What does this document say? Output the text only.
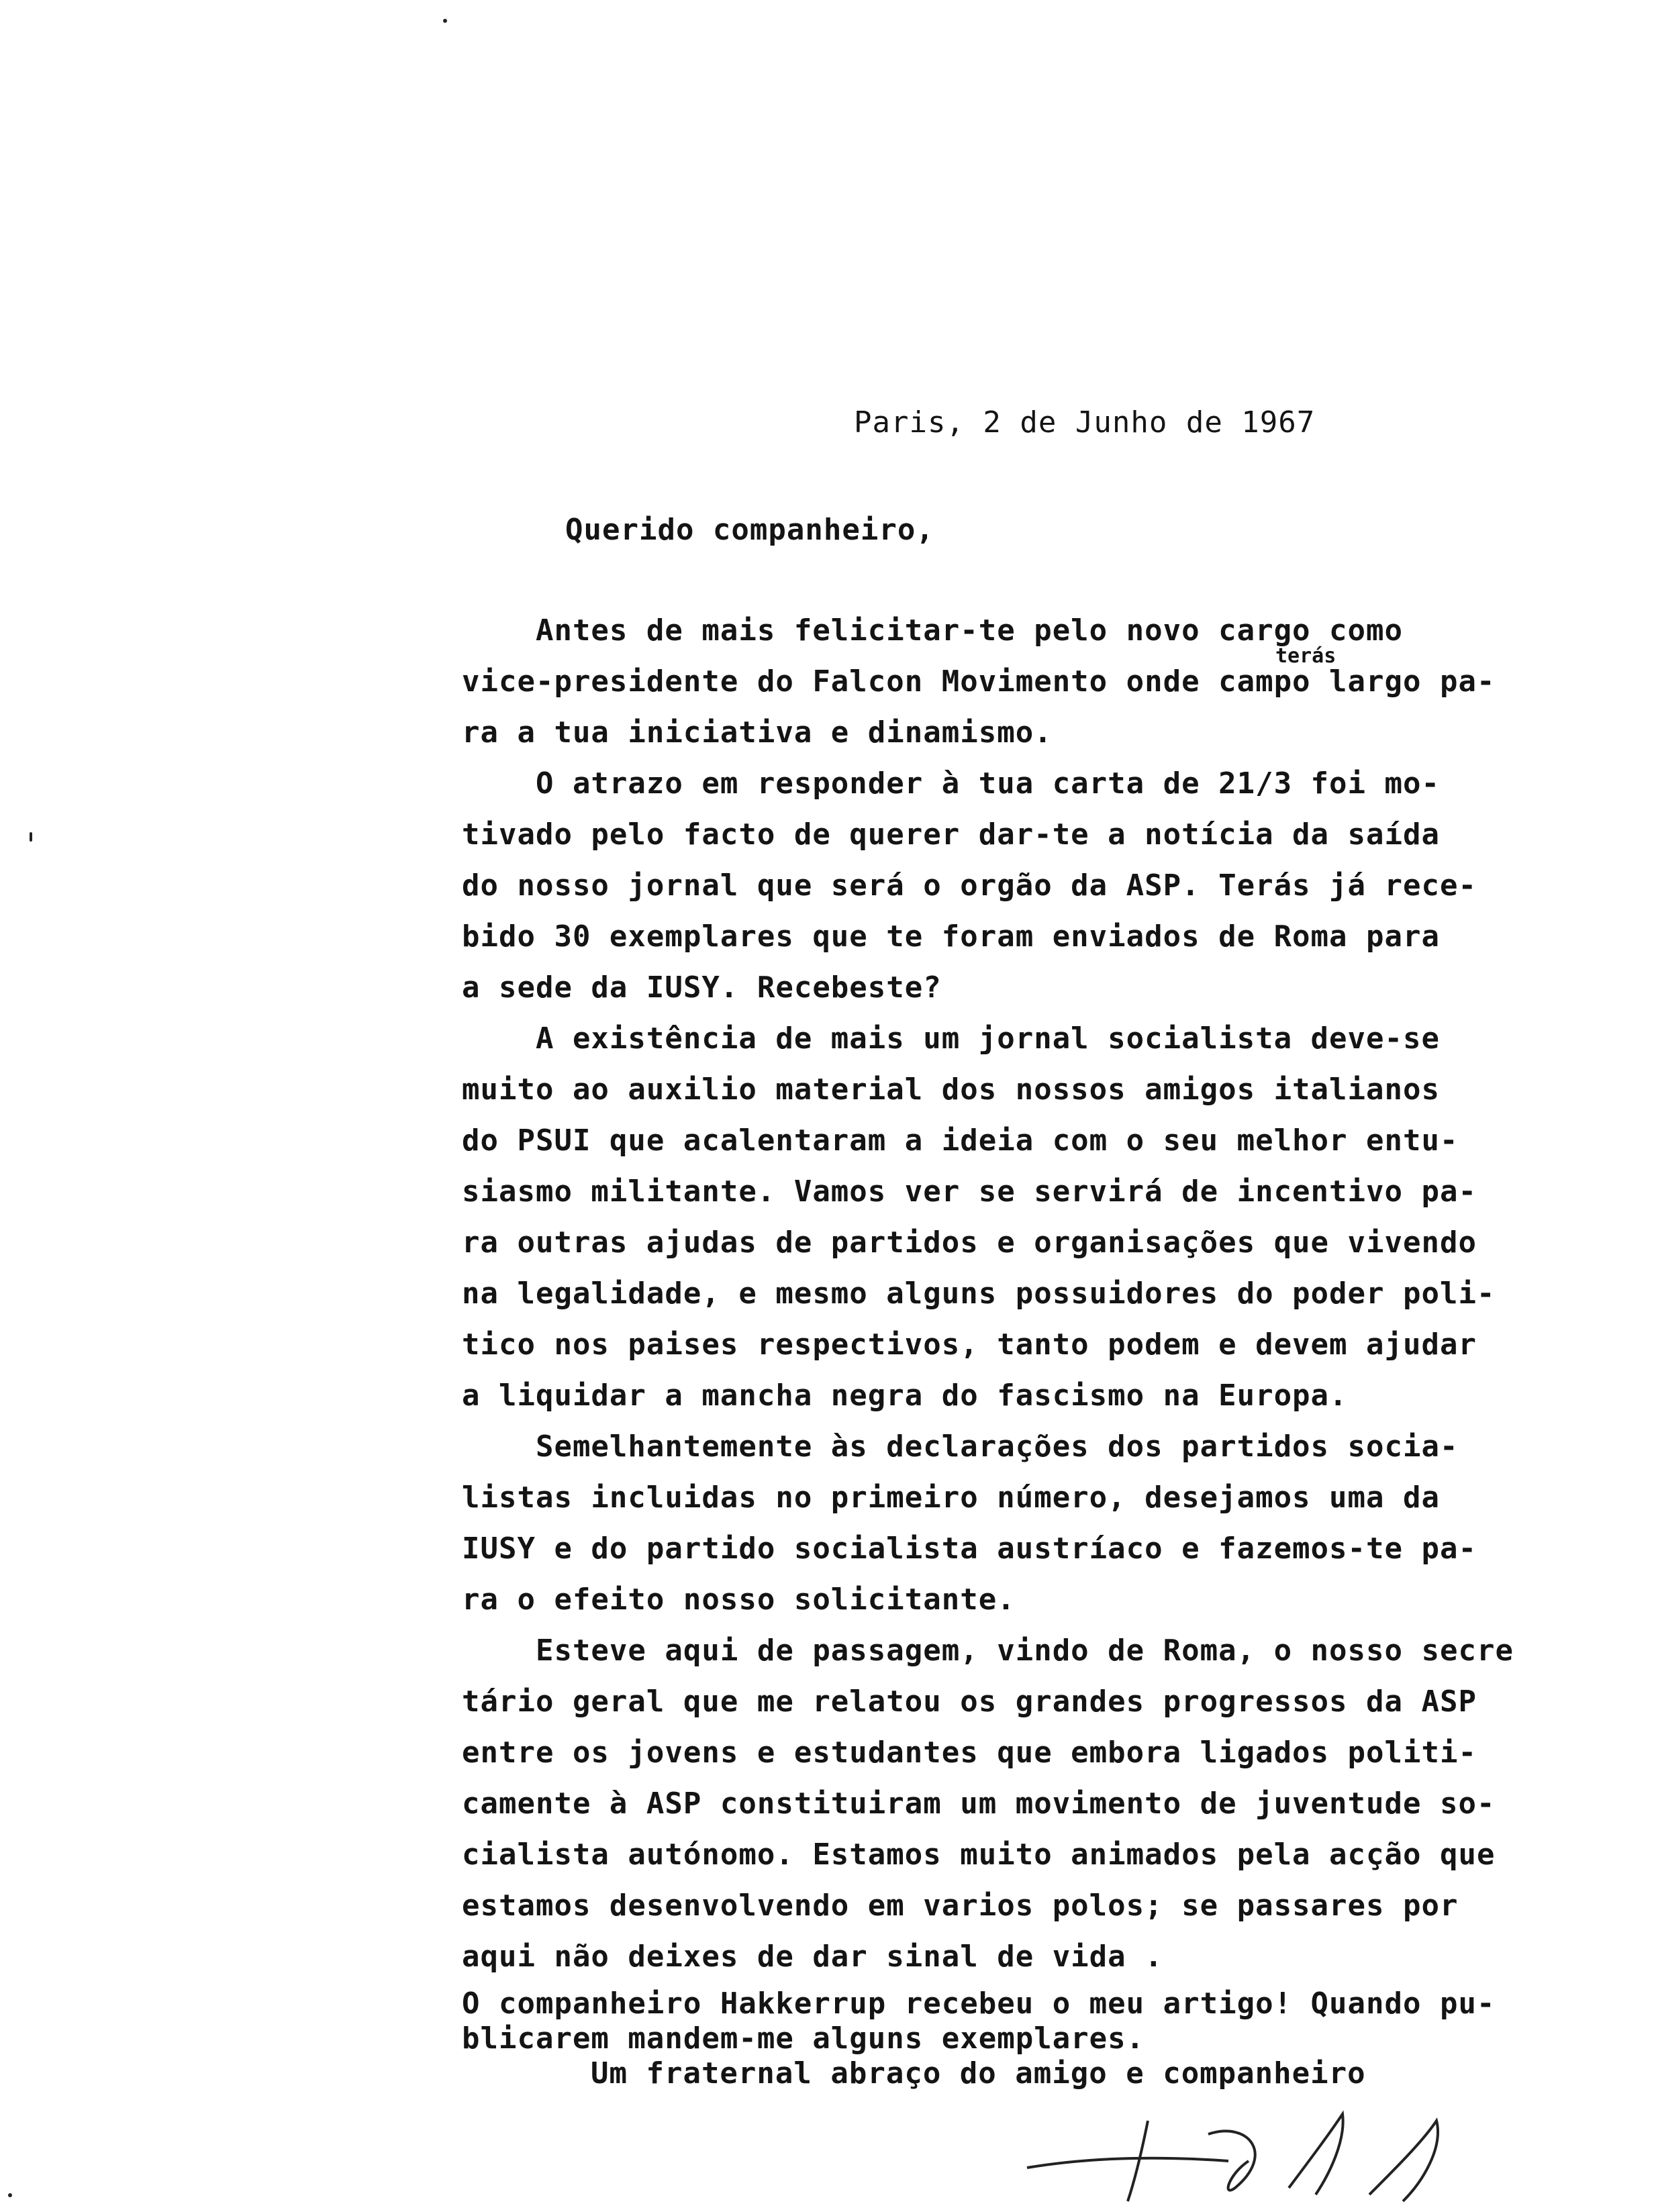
Paris, 2 de Junho de 1967
Querido companheiro,
terás
Antes de mais felicitar-te pelo novo cargo como
vice-presidente do Falcon Movimento onde campo largo pa-
ra a tua iniciativa e dinamismo.
O atrazo em responder à tua carta de 21/3 foi mo-
tivado pelo facto de querer dar-te a notícia da saída
do nosso jornal que será o orgão da ASP. Terás já rece-
bido 30 exemplares que te foram enviados de Roma para
a sede da IUSY. Recebeste?
A existência de mais um jornal socialista deve-se
muito ao auxilio material dos nossos amigos italianos
do PSUI que acalentaram a ideia com o seu melhor entu-
siasmo militante. Vamos ver se servirá de incentivo pa-
ra outras ajudas de partidos e organisações que vivendo
na legalidade, e mesmo alguns possuidores do poder poli-
tico nos paises respectivos, tanto podem e devem ajudar
a liquidar a mancha negra do fascismo na Europa.
Semelhantemente às declarações dos partidos socia-
listas incluidas no primeiro número, desejamos uma da
IUSY e do partido socialista austríaco e fazemos-te pa-
ra o efeito nosso solicitante.
Esteve aqui de passagem, vindo de Roma, o nosso secre
tário geral que me relatou os grandes progressos da ASP
entre os jovens e estudantes que embora ligados politi-
camente à ASP constituiram um movimento de juventude so-
cialista autónomo. Estamos muito animados pela acção que
estamos desenvolvendo em varios polos; se passares por
aqui não deixes de dar sinal de vida .
O companheiro Hakkerrup recebeu o meu artigo! Quando pu-
blicarem mandem-me alguns exemplares.
Um fraternal abraço do amigo e companheiro
